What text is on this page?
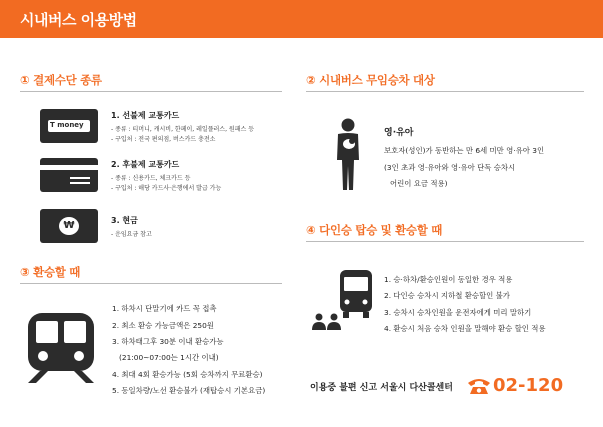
시내버스 이용방법
① 결제수단 종류
T money
1. 선불제 교통카드
- 종류 : 티머니, 캐시비, 한페이, 레일플러스, 원패스 등
- 구입처 : 전국 편의점, 버스카드 충전소
2. 후불제 교통카드
- 종류 : 신용카드, 체크카드 등
- 구입처 : 해당 카드사·은행에서 발급 가능
₩	3. 현금
- 운임요금 참고
③ 환승할 때
1. 하차시 단말기에 카드 꼭 접촉
2. 최소 환승 가능금액은 250원
3. 하차태그후 30분 이내 환승가능
(21:00~07:00는 1시간 이내)
4. 최대 4회 환승가능 (5회 승차까지 무료환승)
5. 동일차량/노선 환승불가 (재탑승시 기본요금)
② 시내버스 무임승차 대상
영·유아
보호자(성인)가 동반하는 만 6세 미만 영·유아 3인
(3인 초과 영·유아와 영·유아 단독 승차시
어린이 요금 적용)
④ 다인승 탑승 및 환승할 때
1. 승·하차/환승인원이 동일한 경우 적용
2. 다인승 승차시 지하철 환승할인 불가
3. 승차시 승차인원을 운전자에게 미리 말하기
4. 환승시 처음 승차 인원을 말해야 환승 할인 적용
이용중 불편 신고 서울시 다산콜센터 02-120
